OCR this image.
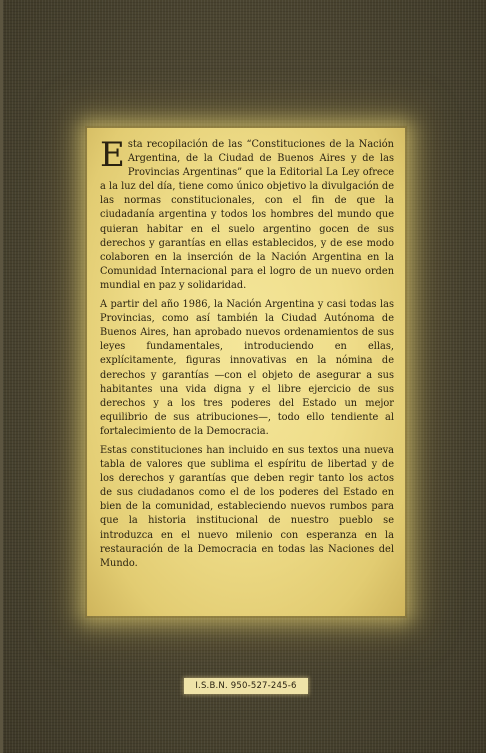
Esta recopilación de las “Constituciones de la Nación Argentina, de la Ciudad de Buenos Aires y de las Provincias Argentinas” que la Editorial La Ley ofrece a la luz del día, tiene como único objetivo la divulgación de las normas constitucionales, con el fin de que la ciudadanía argentina y todos los hombres del mundo que quieran habitar en el suelo argentino gocen de sus derechos y garantías en ellas establecidos, y de ese modo colaboren en la inserción de la Nación Argentina en la Comunidad Internacional para el logro de un nuevo orden mundial en paz y solidaridad.

A partir del año 1986, la Nación Argentina y casi todas las Provincias, como así también la Ciudad Autónoma de Buenos Aires, han aprobado nuevos ordenamientos de sus leyes fundamentales, introduciendo en ellas, explícitamente, figuras innovativas en la nómina de derechos y garantías —con el objeto de asegurar a sus habitantes una vida digna y el libre ejercicio de sus derechos y a los tres poderes del Estado un mejor equilibrio de sus atribuciones—, todo ello tendiente al fortalecimiento de la Democracia.

Estas constituciones han incluido en sus textos una nueva tabla de valores que sublima el espíritu de libertad y de los derechos y garantías que deben regir tanto los actos de sus ciudadanos como el de los poderes del Estado en bien de la comunidad, estableciendo nuevos rumbos para que la historia institucional de nuestro pueblo se introduzca en el nuevo milenio con esperanza en la restauración de la Democracia en todas las Naciones del Mundo.

I.S.B.N. 950-527-245-6
